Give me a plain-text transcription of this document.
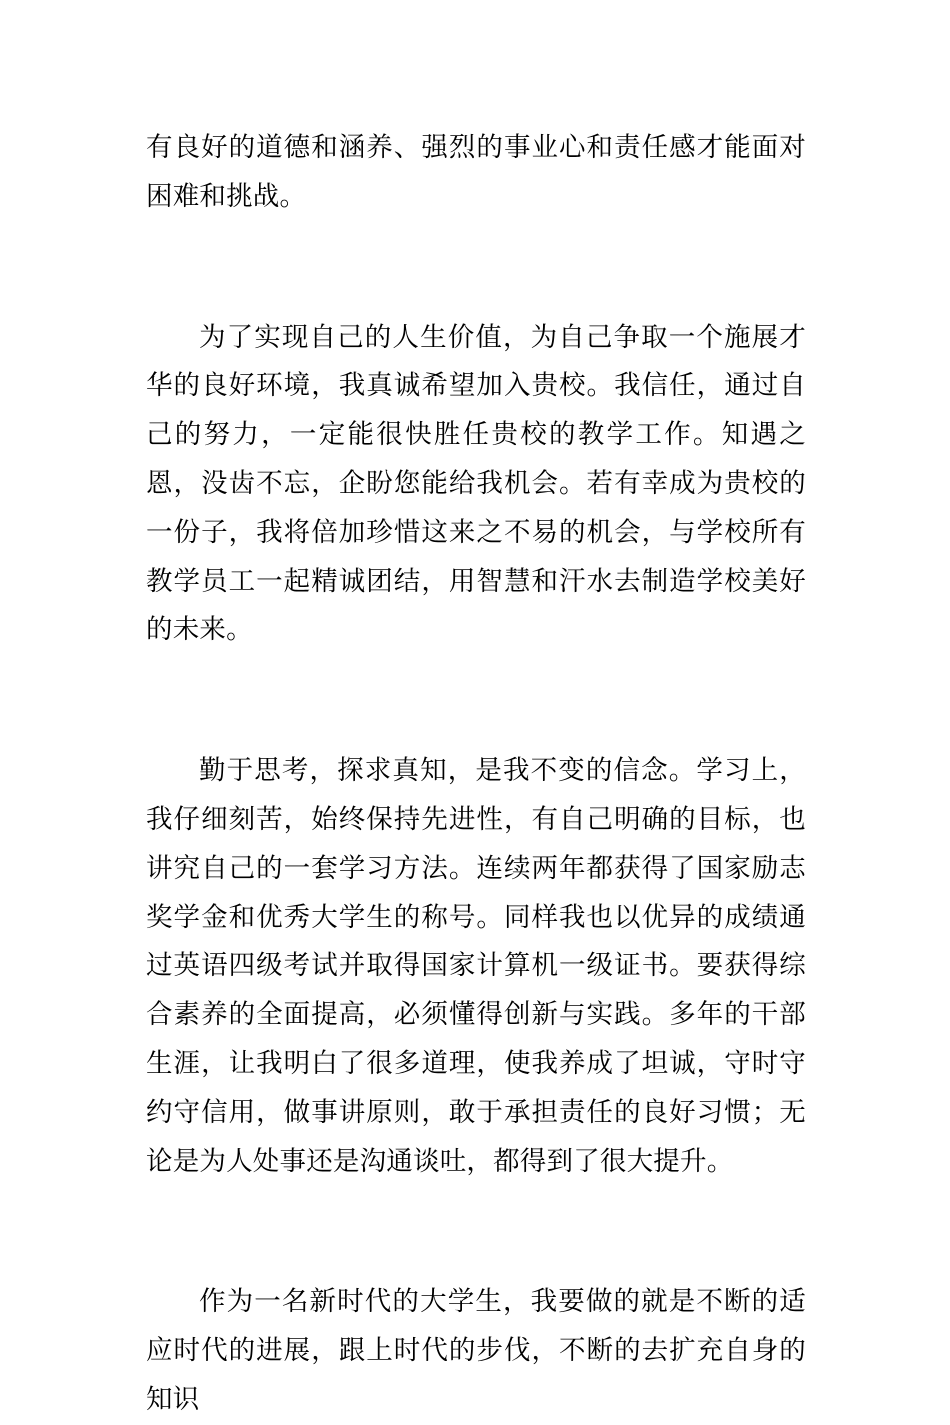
有良好的道德和涵养、强烈的事业心和责任感才能面对困难和挑战。

为了实现自己的人生价值，为自己争取一个施展才华的良好环境，我真诚希望加入贵校。我信任，通过自己的努力，一定能很快胜任贵校的教学工作。知遇之恩，没齿不忘，企盼您能给我机会。若有幸成为贵校的一份子，我将倍加珍惜这来之不易的机会，与学校所有教学员工一起精诚团结，用智慧和汗水去制造学校美好的未来。

勤于思考，探求真知，是我不变的信念。学习上，我仔细刻苦，始终保持先进性，有自己明确的目标，也讲究自己的一套学习方法。连续两年都获得了国家励志奖学金和优秀大学生的称号。同样我也以优异的成绩通过英语四级考试并取得国家计算机一级证书。要获得综合素养的全面提高，必须懂得创新与实践。多年的干部生涯，让我明白了很多道理，使我养成了坦诚，守时守约守信用，做事讲原则，敢于承担责任的良好习惯；无论是为人处事还是沟通谈吐，都得到了很大提升。

作为一名新时代的大学生，我要做的就是不断的适应时代的进展，跟上时代的步伐，不断的去扩充自身的知识
